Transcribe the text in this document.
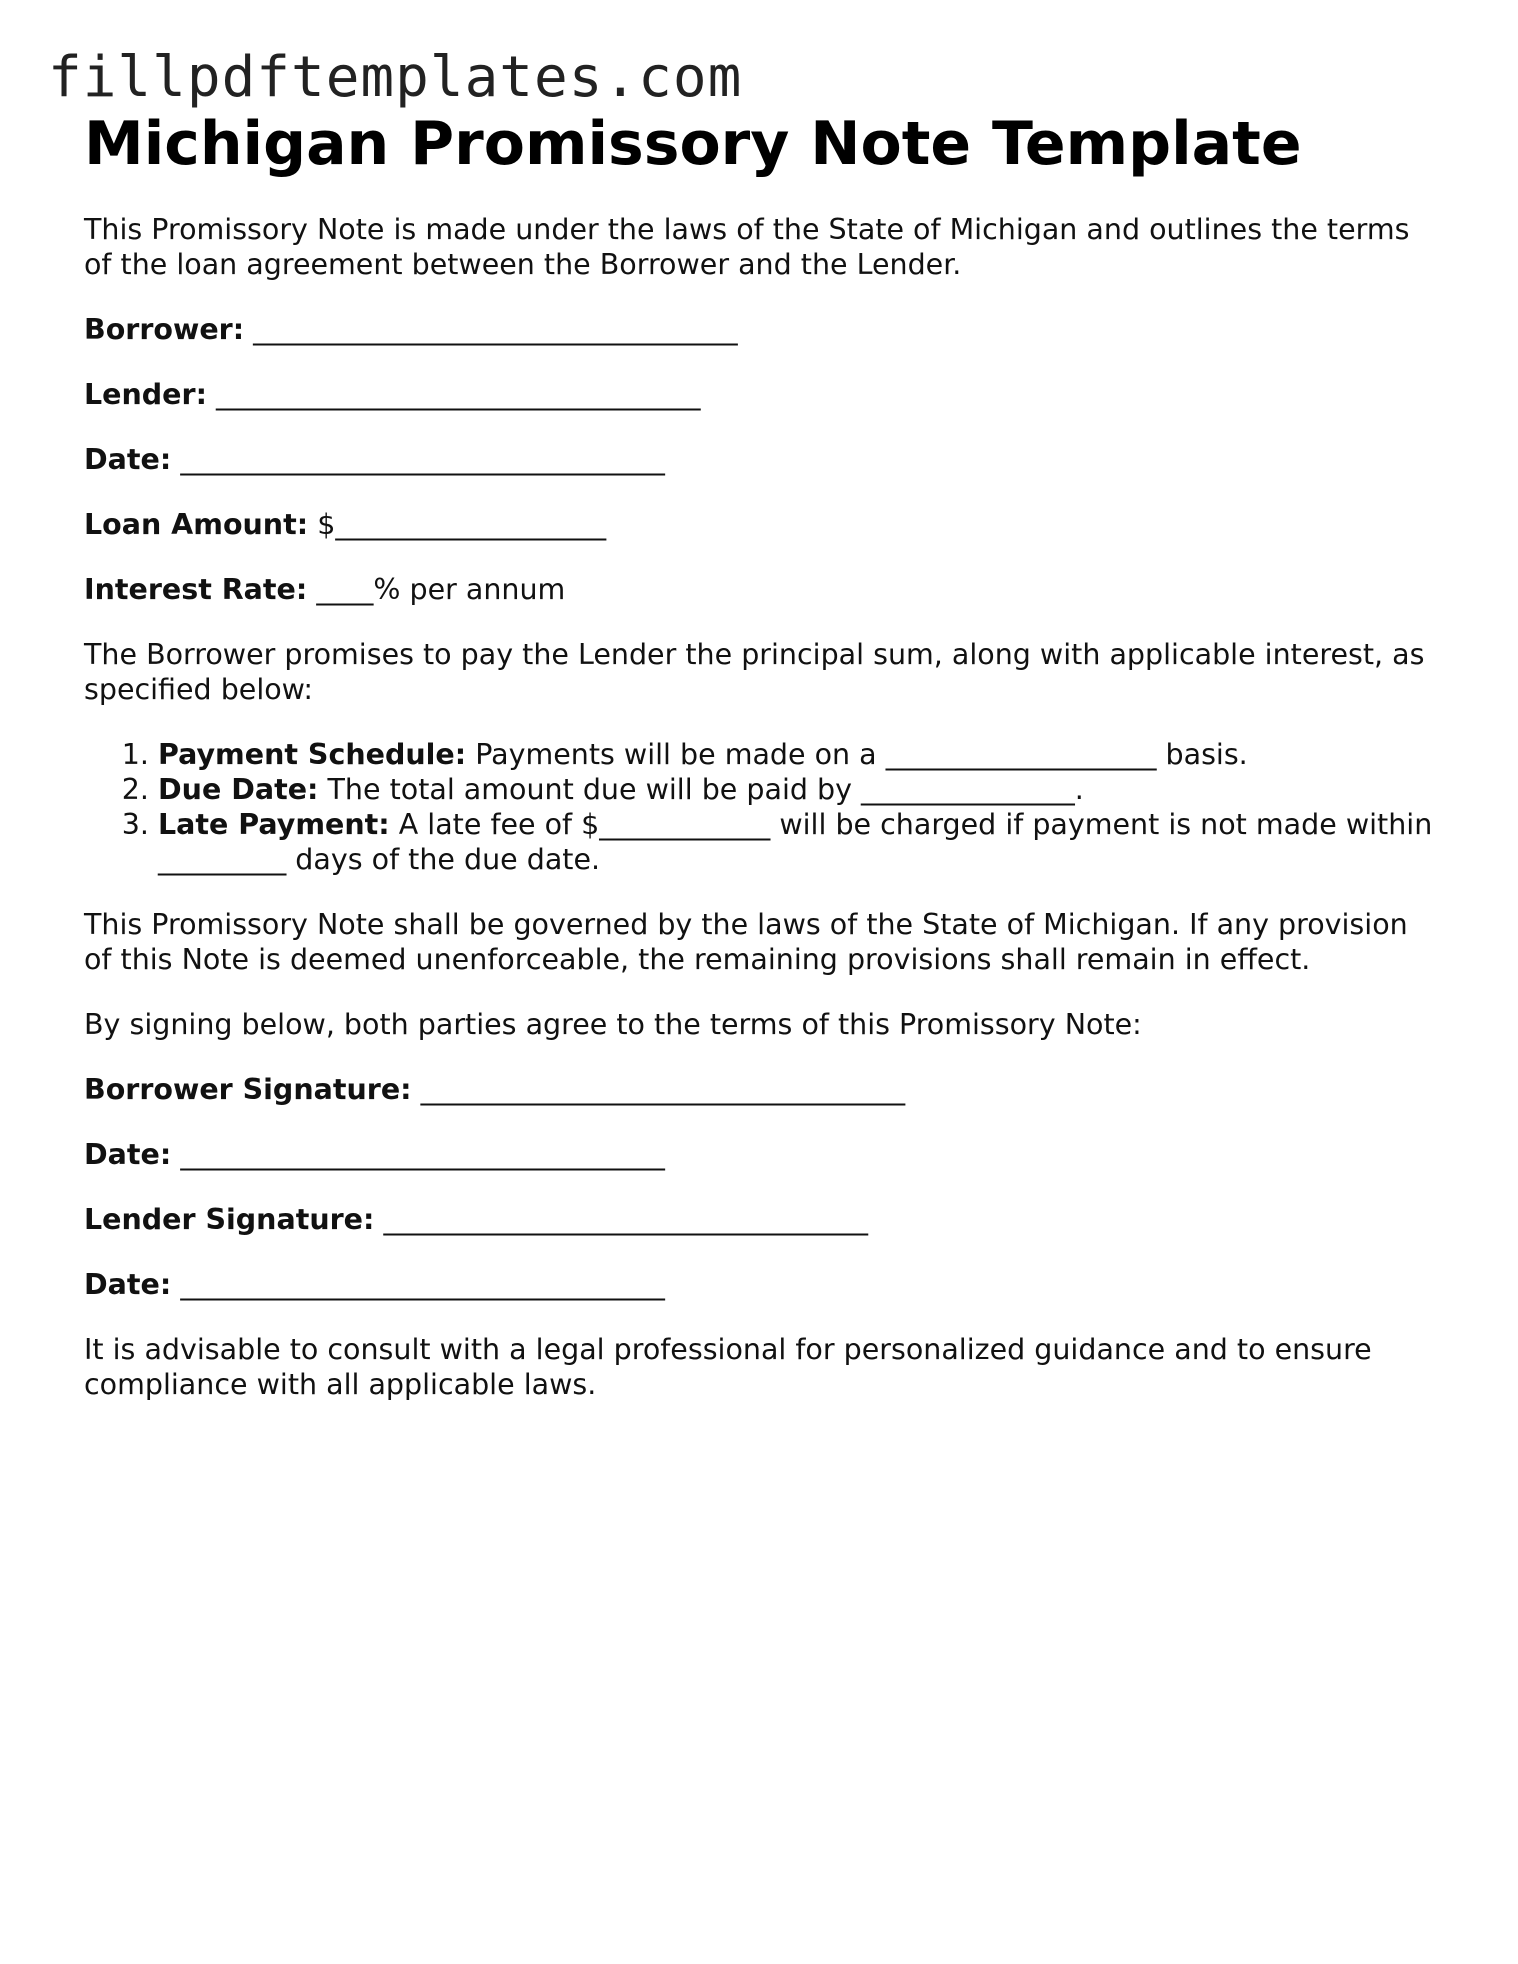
fillpdftemplates.com
Michigan Promissory Note Template

This Promissory Note is made under the laws of the State of Michigan and outlines the terms of the loan agreement between the Borrower and the Lender.

Borrower: __________________________________
Lender: __________________________________
Date: __________________________________
Loan Amount: $___________________
Interest Rate: ____% per annum

The Borrower promises to pay the Lender the principal sum, along with applicable interest, as specified below:

1. Payment Schedule: Payments will be made on a ___________________ basis.
2. Due Date: The total amount due will be paid by _______________.
3. Late Payment: A late fee of $____________ will be charged if payment is not made within _________ days of the due date.

This Promissory Note shall be governed by the laws of the State of Michigan. If any provision of this Note is deemed unenforceable, the remaining provisions shall remain in effect.

By signing below, both parties agree to the terms of this Promissory Note:

Borrower Signature: __________________________________
Date: __________________________________
Lender Signature: __________________________________
Date: __________________________________

It is advisable to consult with a legal professional for personalized guidance and to ensure compliance with all applicable laws.
